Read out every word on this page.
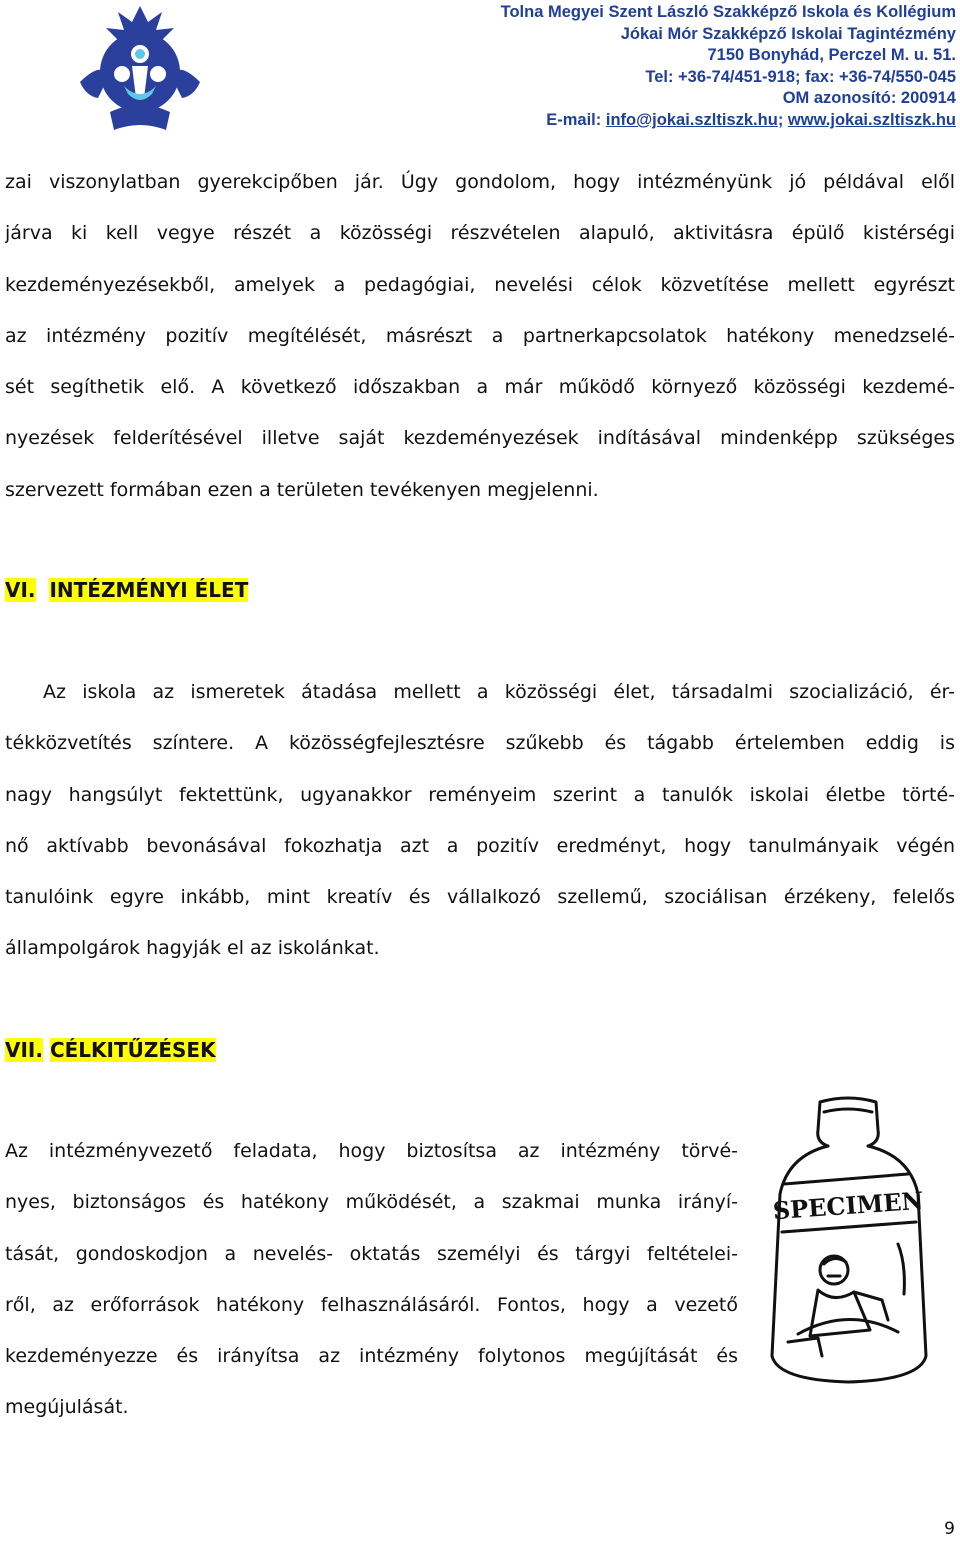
Tolna Megyei Szent László Szakképző Iskola és Kollégium
Jókai Mór Szakképző Iskolai Tagintézmény
7150 Bonyhád, Perczel M. u. 51.
Tel: +36-74/451-918; fax: +36-74/550-045
OM azonosító: 200914
E-mail: info@jokai.szltiszk.hu; www.jokai.szltiszk.hu
zai viszonylatban gyerekcipőben jár. Úgy gondolom, hogy intézményünk jó példával elől
járva ki kell vegye részét a közösségi részvételen alapuló, aktivitásra épülő kistérségi
kezdeményezésekből, amelyek a pedagógiai, nevelési célok közvetítése mellett egyrészt
az intézmény pozitív megítélését, másrészt a partnerkapcsolatok hatékony menedzselé-
sét segíthetik elő. A következő időszakban a már működő környező közösségi kezdemé-
nyezések felderítésével illetve saját kezdeményezések indításával mindenképp szükséges
szervezett formában ezen a területen tevékenyen megjelenni.
VI. INTÉZMÉNYI ÉLET
Az iskola az ismeretek átadása mellett a közösségi élet, társadalmi szocializáció, ér-
tékközvetítés színtere. A közösségfejlesztésre szűkebb és tágabb értelemben eddig is
nagy hangsúlyt fektettünk, ugyanakkor reményeim szerint a tanulók iskolai életbe törté-
nő aktívabb bevonásával fokozhatja azt a pozitív eredményt, hogy tanulmányaik végén
tanulóink egyre inkább, mint kreatív és vállalkozó szellemű, szociálisan érzékeny, felelős
állampolgárok hagyják el az iskolánkat.
VII. CÉLKITŰZÉSEK
Az intézményvezető feladata, hogy biztosítsa az intézmény törvé-
nyes, biztonságos és hatékony működését, a szakmai munka irányí-
tását, gondoskodjon a nevelés- oktatás személyi és tárgyi feltételei-
ről, az erőforrások hatékony felhasználásáról. Fontos, hogy a vezető
kezdeményezze és irányítsa az intézmény folytonos megújítását és
megújulását.
SPECIMEN
9
